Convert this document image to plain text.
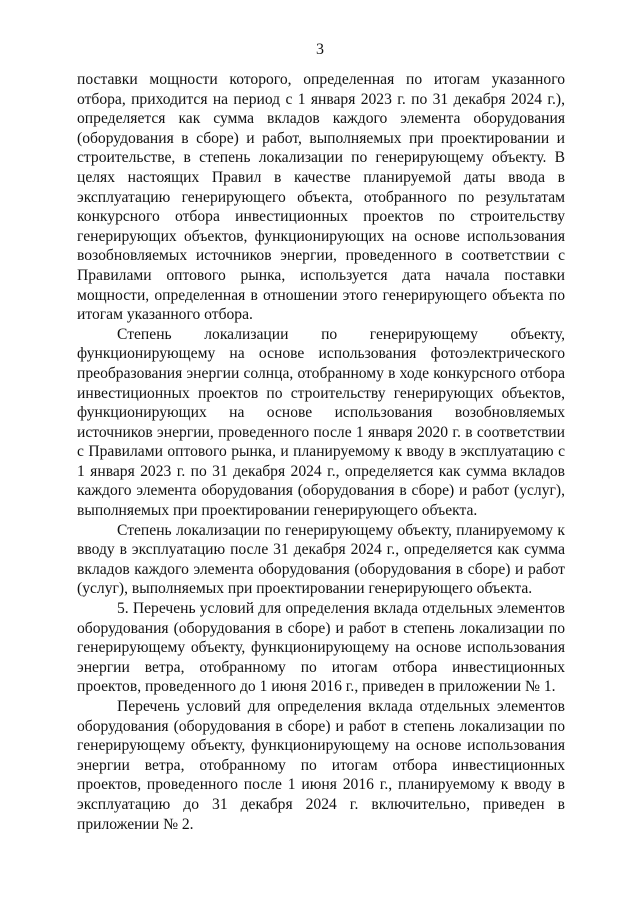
3

поставки мощности которого, определенная по итогам указанного отбора, приходится на период с 1 января 2023 г. по 31 декабря 2024 г.), определяется как сумма вкладов каждого элемента оборудования (оборудования в сборе) и работ, выполняемых при проектировании и строительстве, в степень локализации по генерирующему объекту. В целях настоящих Правил в качестве планируемой даты ввода в эксплуатацию генерирующего объекта, отобранного по результатам конкурсного отбора инвестиционных проектов по строительству генерирующих объектов, функционирующих на основе использования возобновляемых источников энергии, проведенного в соответствии с Правилами оптового рынка, используется дата начала поставки мощности, определенная в отношении этого генерирующего объекта по итогам указанного отбора.

Степень локализации по генерирующему объекту, функционирующему на основе использования фотоэлектрического преобразования энергии солнца, отобранному в ходе конкурсного отбора инвестиционных проектов по строительству генерирующих объектов, функционирующих на основе использования возобновляемых источников энергии, проведенного после 1 января 2020 г. в соответствии с Правилами оптового рынка, и планируемому к вводу в эксплуатацию с 1 января 2023 г. по 31 декабря 2024 г., определяется как сумма вкладов каждого элемента оборудования (оборудования в сборе) и работ (услуг), выполняемых при проектировании генерирующего объекта.

Степень локализации по генерирующему объекту, планируемому к вводу в эксплуатацию после 31 декабря 2024 г., определяется как сумма вкладов каждого элемента оборудования (оборудования в сборе) и работ (услуг), выполняемых при проектировании генерирующего объекта.

5. Перечень условий для определения вклада отдельных элементов оборудования (оборудования в сборе) и работ в степень локализации по генерирующему объекту, функционирующему на основе использования энергии ветра, отобранному по итогам отбора инвестиционных проектов, проведенного до 1 июня 2016 г., приведен в приложении № 1.

Перечень условий для определения вклада отдельных элементов оборудования (оборудования в сборе) и работ в степень локализации по генерирующему объекту, функционирующему на основе использования энергии ветра, отобранному по итогам отбора инвестиционных проектов, проведенного после 1 июня 2016 г., планируемому к вводу в эксплуатацию до 31 декабря 2024 г. включительно, приведен в приложении № 2.
